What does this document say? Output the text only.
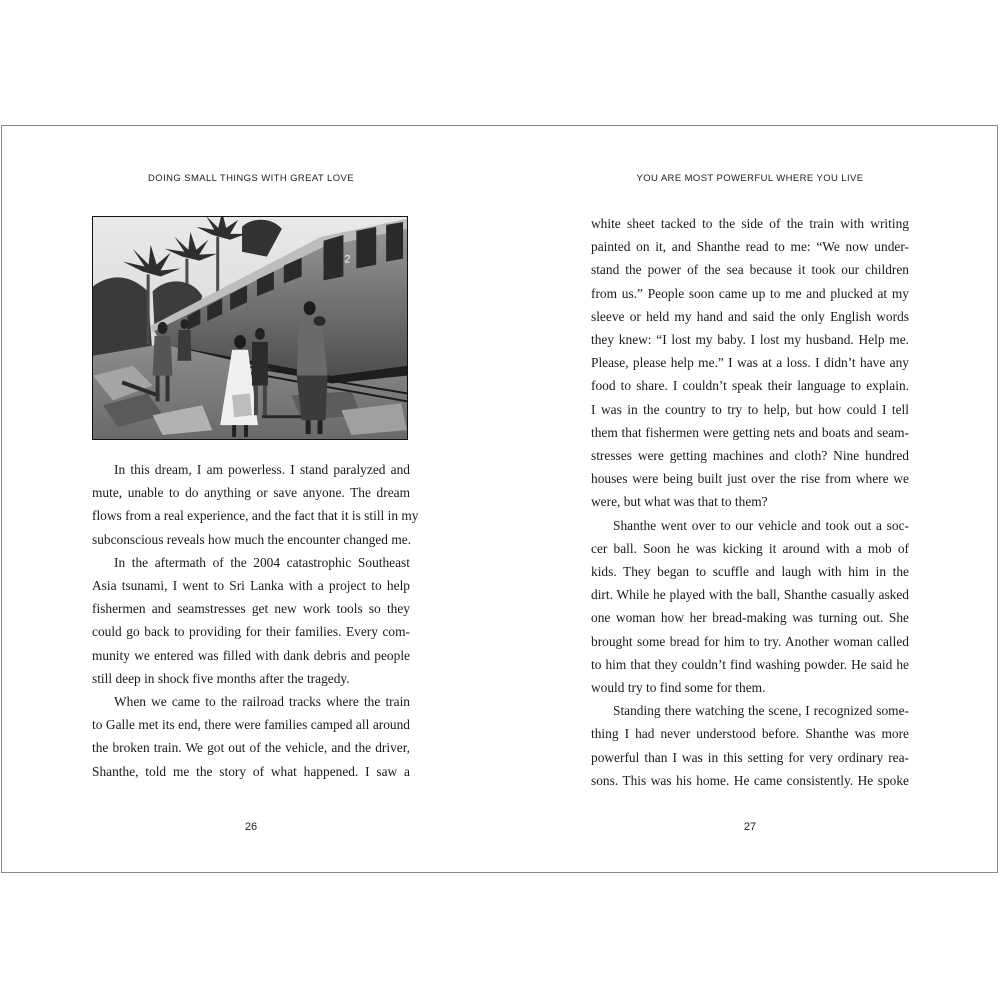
DOING SMALL THINGS WITH GREAT LOVE
2

In this dream, I am powerless. I stand paralyzed and
mute, unable to do anything or save anyone. The dream
flows from a real experience, and the fact that it is still in my
subconscious reveals how much the encounter changed me.

In the aftermath of the 2004 catastrophic Southeast
Asia tsunami, I went to Sri Lanka with a project to help
fishermen and seamstresses get new work tools so they
could go back to providing for their families. Every com-
munity we entered was filled with dank debris and people
still deep in shock five months after the tragedy.

When we came to the railroad tracks where the train
to Galle met its end, there were families camped all around
the broken train. We got out of the vehicle, and the driver,
Shanthe, told me the story of what happened. I saw a

26
YOU ARE MOST POWERFUL WHERE YOU LIVE

white sheet tacked to the side of the train with writing
painted on it, and Shanthe read to me: “We now under-
stand the power of the sea because it took our children
from us.” People soon came up to me and plucked at my
sleeve or held my hand and said the only English words
they knew: “I lost my baby. I lost my husband. Help me.
Please, please help me.” I was at a loss. I didn’t have any
food to share. I couldn’t speak their language to explain.
I was in the country to try to help, but how could I tell
them that fishermen were getting nets and boats and seam-
stresses were getting machines and cloth? Nine hundred
houses were being built just over the rise from where we
were, but what was that to them?

Shanthe went over to our vehicle and took out a soc-
cer ball. Soon he was kicking it around with a mob of
kids. They began to scuffle and laugh with him in the
dirt. While he played with the ball, Shanthe casually asked
one woman how her bread-making was turning out. She
brought some bread for him to try. Another woman called
to him that they couldn’t find washing powder. He said he
would try to find some for them.

Standing there watching the scene, I recognized some-
thing I had never understood before. Shanthe was more
powerful than I was in this setting for very ordinary rea-
sons. This was his home. He came consistently. He spoke

27
